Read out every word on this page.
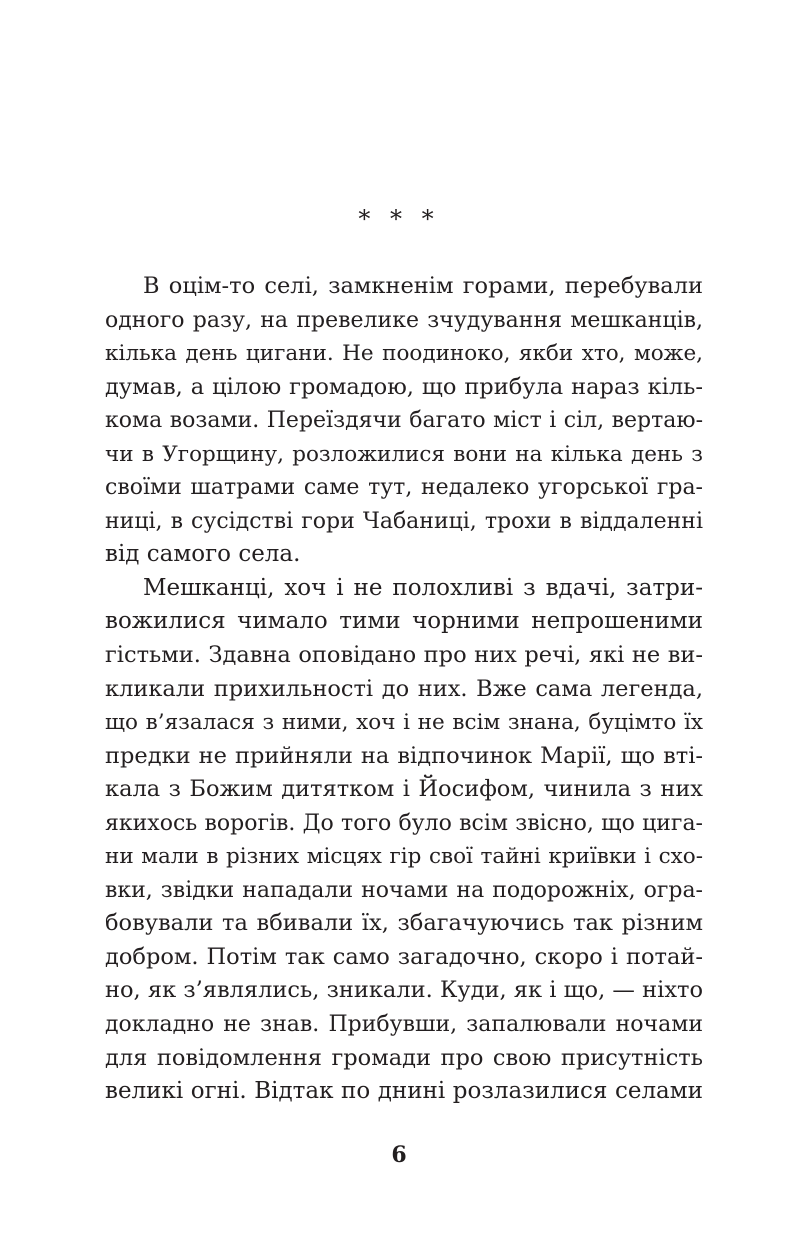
* * *
В оцім-то селі, замкненім горами, перебували
одного разу, на превелике зчудування мешканців,
кілька день цигани. Не поодиноко, якби хто, може,
думав, а цілою громадою, що прибула нараз кіль-
кома возами. Переїздячи багато міст і сіл, вертаю-
чи в Угорщину, розложилися вони на кілька день з
своїми шатрами саме тут, недалеко угорської гра-
ниці, в сусідстві гори Чабаниці, трохи в віддаленні
від самого села.
Мешканці, хоч і не полохливі з вдачі, затри-
вожилися чимало тими чорними непрошеними
гістьми. Здавна оповідано про них речі, які не ви-
кликали прихильності до них. Вже сама легенда,
що в’язалася з ними, хоч і не всім знана, буцімто їх
предки не прийняли на відпочинок Марії, що вті-
кала з Божим дитятком і Йосифом, чинила з них
якихось ворогів. До того було всім звісно, що цига-
ни мали в різних місцях гір свої тайні криївки і схо-
вки, звідки нападали ночами на подорожніх, огра-
бовували та вбивали їх, збагачуючись так різним
добром. Потім так само загадочно, скоро і потай-
но, як з’являлись, зникали. Куди, як і що, — ніхто
докладно не знав. Прибувши, запалювали ночами
для повідомлення громади про свою присутність
великі огні. Відтак по днині розлазилися селами
6
